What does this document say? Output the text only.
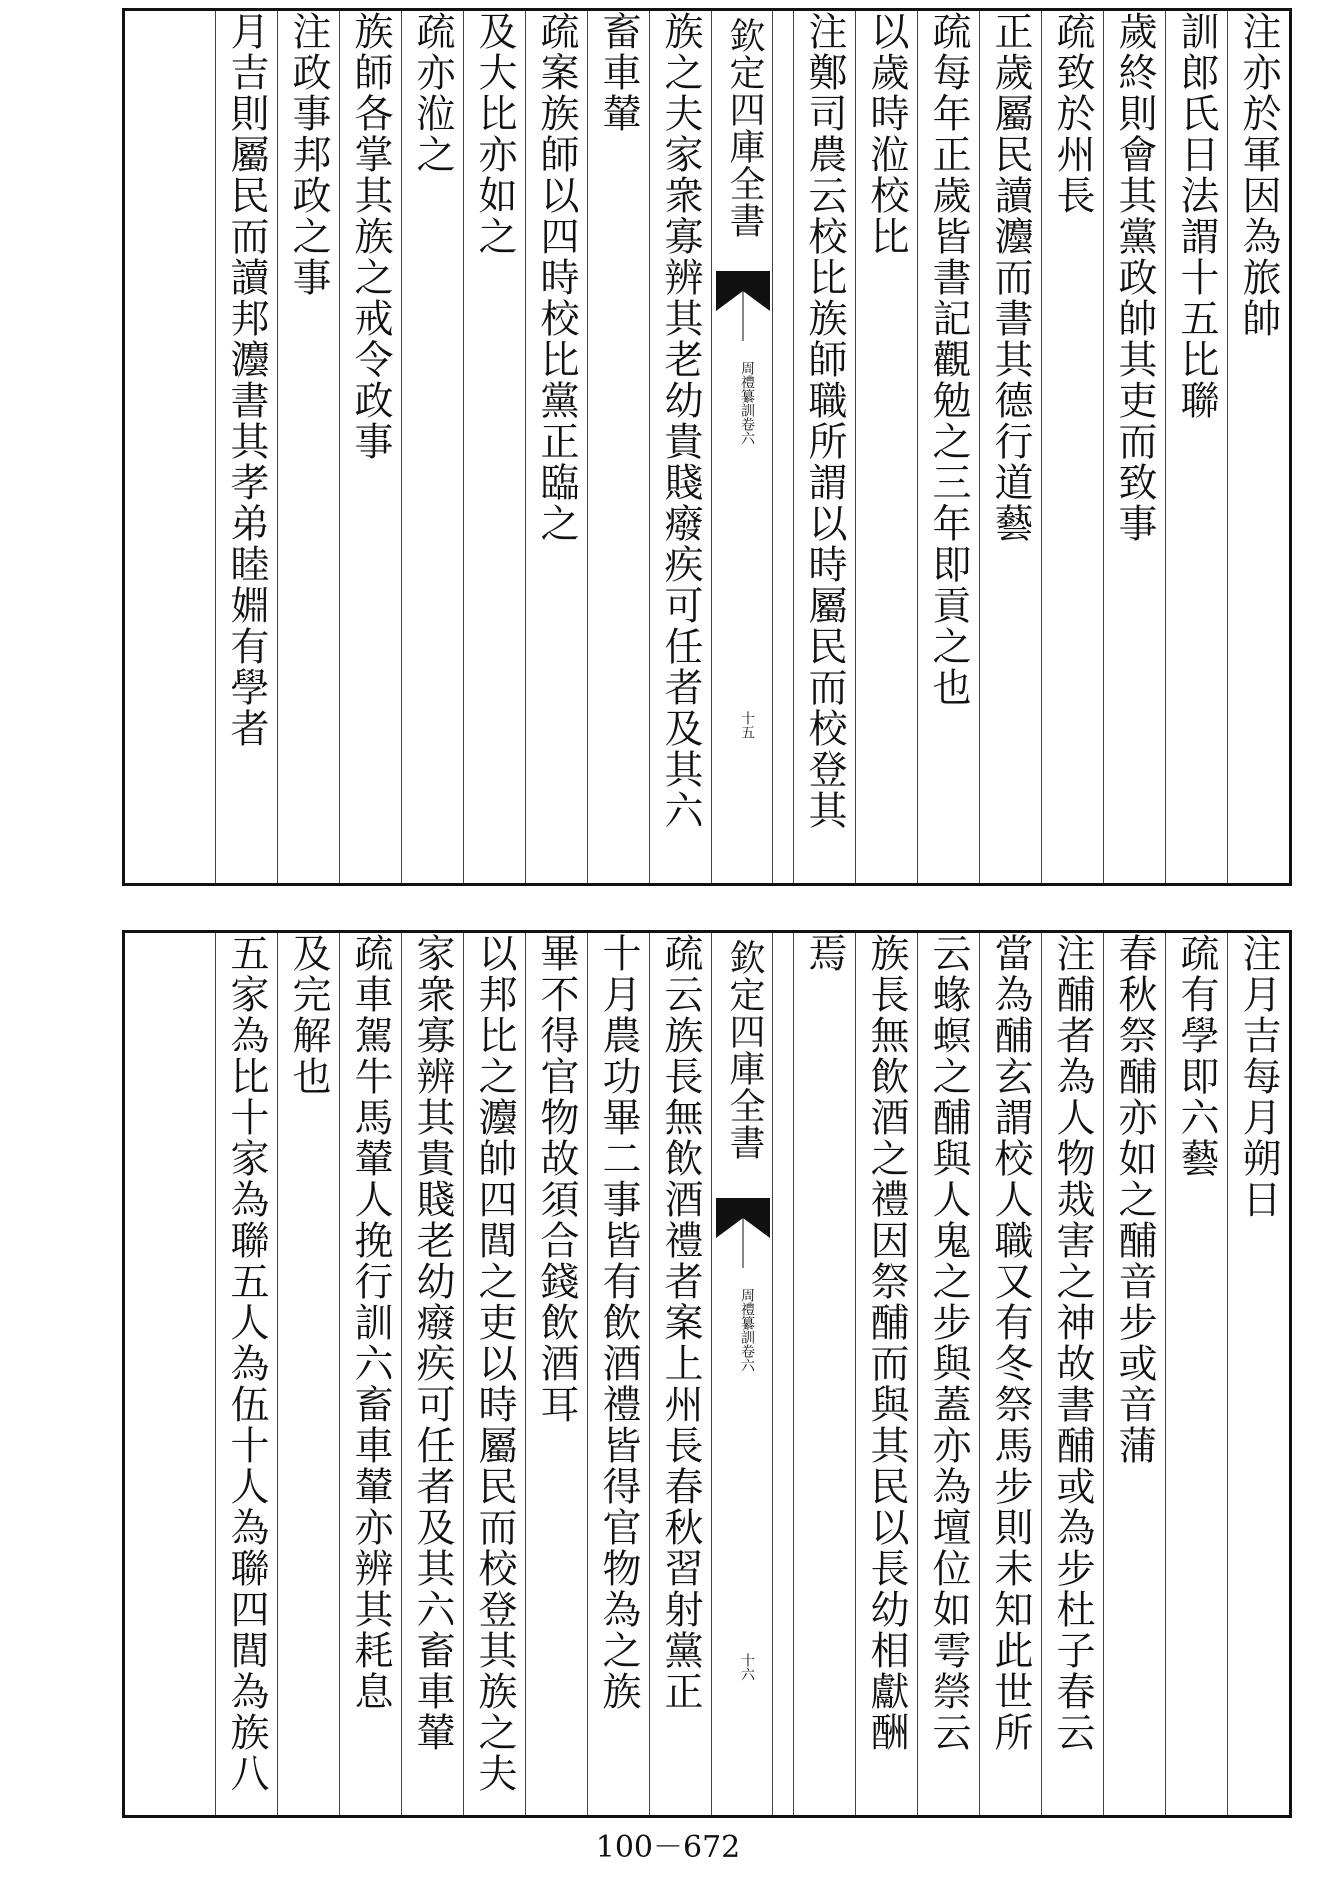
注亦於軍因為旅帥
訓郎氏日法謂十五比聯
歲終則會其黨政帥其吏而致事
疏致於州長
正歲屬民讀灋而書其德行道藝
疏每年正歲皆書記觀勉之三年即貢之也
以歲時涖校比
注鄭司農云校比族師職所謂以時屬民而校登其
欽定四庫全書
周禮纂訓卷六
十五
族之夫家衆寡辨其老幼貴賤癈疾可任者及其六
畜車輦
疏案族師以四時校比黨正臨之
及大比亦如之
疏亦涖之
族師各掌其族之戒令政事
注政事邦政之事
月吉則屬民而讀邦灋書其孝弟睦婣有學者
注月吉每月朔日
疏有學即六藝
春秋祭酺亦如之酺音步或音蒲
注酺者為人物烖害之神故書酺或為步杜子春云
當為酺玄謂校人職又有冬祭馬步則未知此世所
云蝝螟之酺與人鬼之步與蓋亦為壇位如雩禜云
族長無飲酒之禮因祭酺而與其民以長幼相獻酬
焉
欽定四庫全書
周禮纂訓卷六
十六
疏云族長無飲酒禮者案上州長春秋習射黨正
十月農功畢二事皆有飲酒禮皆得官物為之族
畢不得官物故須合錢飲酒耳
以邦比之灋帥四閭之吏以時屬民而校登其族之夫
家衆寡辨其貴賤老幼癈疾可任者及其六畜車輦
疏車駕牛馬輦人挽行訓六畜車輦亦辨其耗息
及完解也
五家為比十家為聯五人為伍十人為聯四閭為族八
100－672
